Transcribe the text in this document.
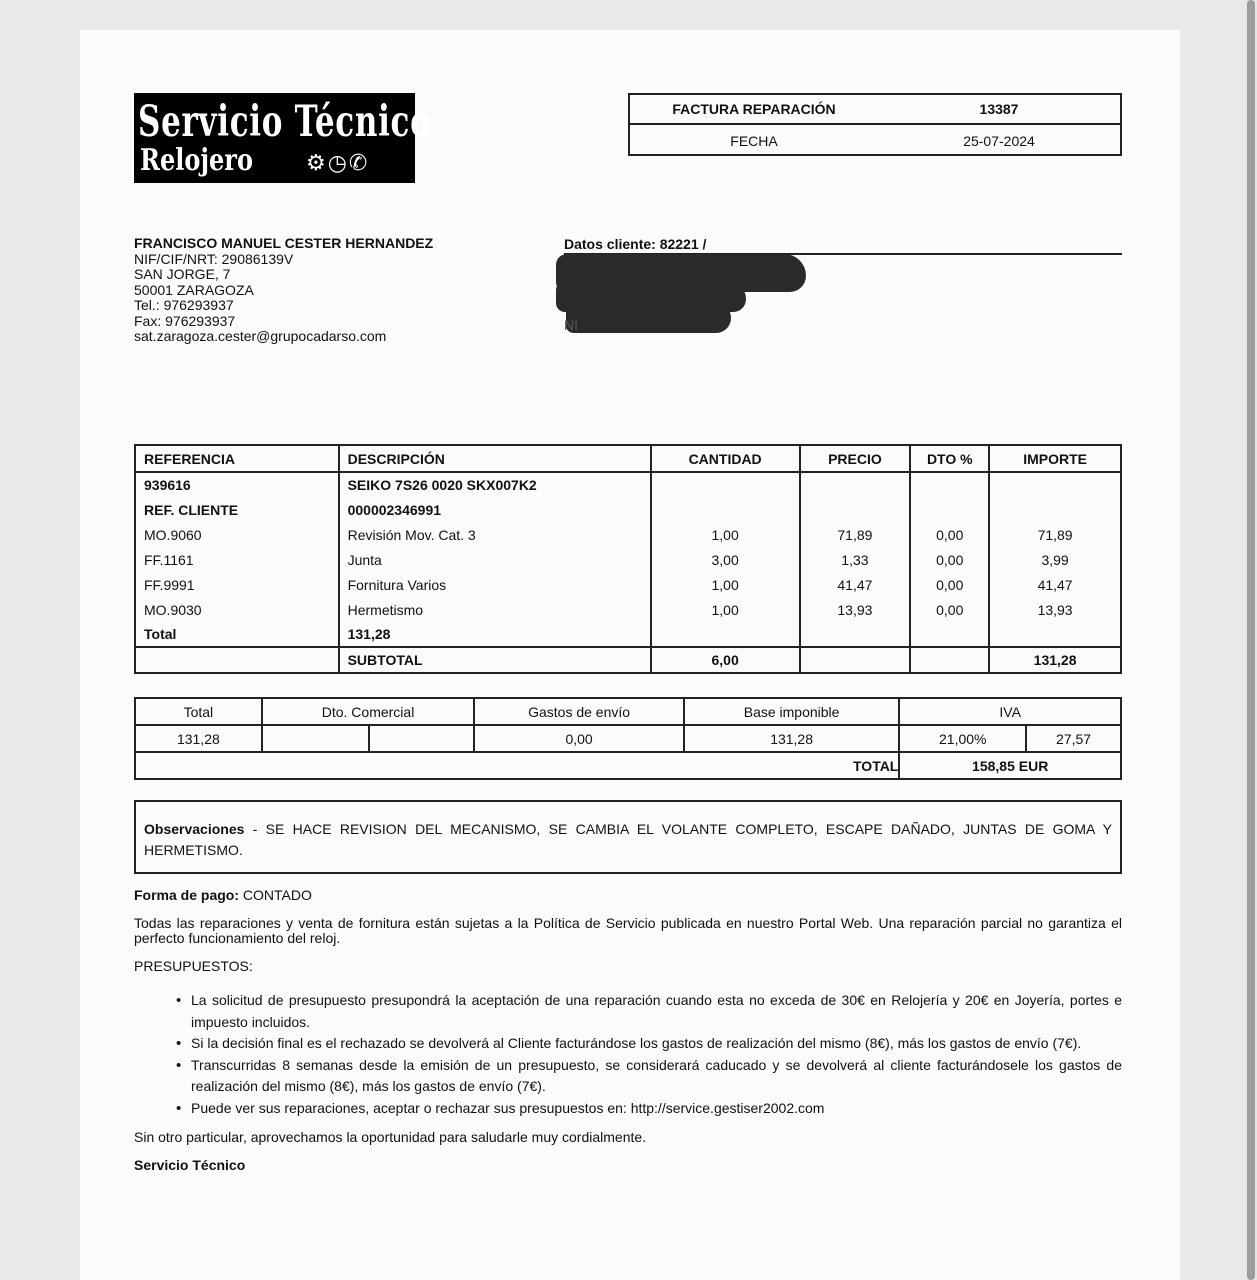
Servicio Técnico
Relojero ⚙◷✆
FACTURA REPARACIÓN	13387
FECHA	25-07-2024
FRANCISCO MANUEL CESTER HERNANDEZ
NIF/CIF/NRT: 29086139V
SAN JORGE, 7
50001 ZARAGOZA
Tel.: 976293937
Fax: 976293937
sat.zaragoza.cester@grupocadarso.com
Datos cliente: 82221 /
NI
REFERENCIA	DESCRIPCIÓN	CANTIDAD	PRECIO	DTO %	IMPORTE
939616	SEIKO 7S26 0020 SKX007K2				
REF. CLIENTE	000002346991				
MO.9060	Revisión Mov. Cat. 3	1,00	71,89	0,00	71,89
FF.1161	Junta	3,00	1,33	0,00	3,99
FF.9991	Fornitura Varios	1,00	41,47	0,00	41,47
MO.9030	Hermetismo	1,00	13,93	0,00	13,93
Total	131,28				
	SUBTOTAL	6,00			131,28
Total	Dto. Comercial		Gastos de envío	Base imponible	IVA	
131,28			0,00	131,28	21,00%	27,57
TOTAL					158,85 EUR	
Observaciones - SE HACE REVISION DEL MECANISMO, SE CAMBIA EL VOLANTE COMPLETO, ESCAPE DAÑADO, JUNTAS DE GOMA Y HERMETISMO.
Forma de pago: CONTADO
Todas las reparaciones y venta de fornitura están sujetas a la Política de Servicio publicada en nuestro Portal Web. Una reparación parcial no garantiza el perfecto funcionamiento del reloj.
PRESUPUESTOS:
• La solicitud de presupuesto presupondrá la aceptación de una reparación cuando esta no exceda de 30€ en Relojería y 20€ en Joyería, portes e impuesto incluidos.
• Si la decisión final es el rechazado se devolverá al Cliente facturándose los gastos de realización del mismo (8€), más los gastos de envío (7€).
• Transcurridas 8 semanas desde la emisión de un presupuesto, se considerará caducado y se devolverá al cliente facturándosele los gastos de realización del mismo (8€), más los gastos de envío (7€).
• Puede ver sus reparaciones, aceptar o rechazar sus presupuestos en: http://service.gestiser2002.com
Sin otro particular, aprovechamos la oportunidad para saludarle muy cordialmente.
Servicio Técnico
